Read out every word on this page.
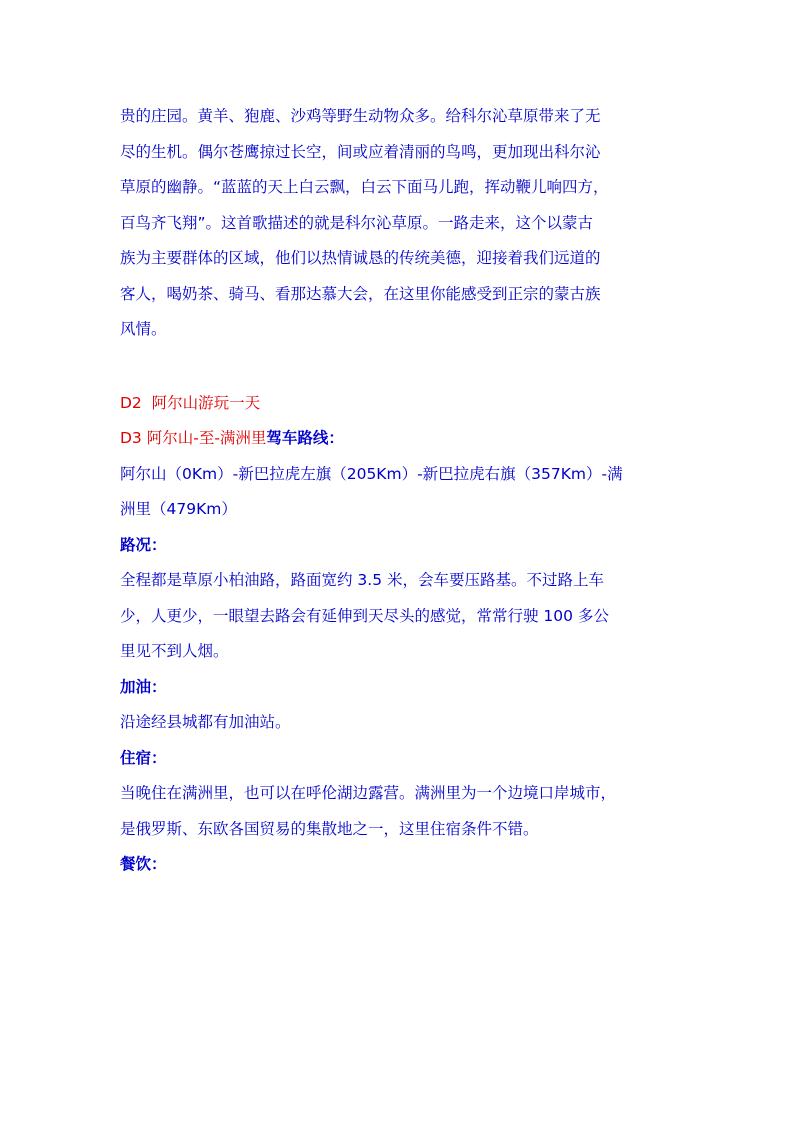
贵的庄园。黄羊、狍鹿、沙鸡等野生动物众多。给科尔沁草原带来了无

尽的生机。偶尔苍鹰掠过长空，间或应着清丽的鸟鸣，更加现出科尔沁

草原的幽静。“蓝蓝的天上白云飘，白云下面马儿跑，挥动鞭儿响四方，

百鸟齐飞翔”。这首歌描述的就是科尔沁草原。一路走来，这个以蒙古

族为主要群体的区域，他们以热情诚恳的传统美德，迎接着我们远道的

客人，喝奶茶、骑马、看那达慕大会，在这里你能感受到正宗的蒙古族

风情。

D2 阿尔山游玩一天

D3 阿尔山-至-满洲里驾车路线：

阿尔山（0Km）-新巴拉虎左旗（205Km）-新巴拉虎右旗（357Km）-满

洲里（479Km）

路况：

全程都是草原小柏油路，路面宽约 3.5 米，会车要压路基。不过路上车

少，人更少，一眼望去路会有延伸到天尽头的感觉，常常行驶 100 多公

里见不到人烟。

加油：

沿途经县城都有加油站。

住宿：

当晚住在满洲里，也可以在呼伦湖边露营。满洲里为一个边境口岸城市，

是俄罗斯、东欧各国贸易的集散地之一，这里住宿条件不错。

餐饮：
